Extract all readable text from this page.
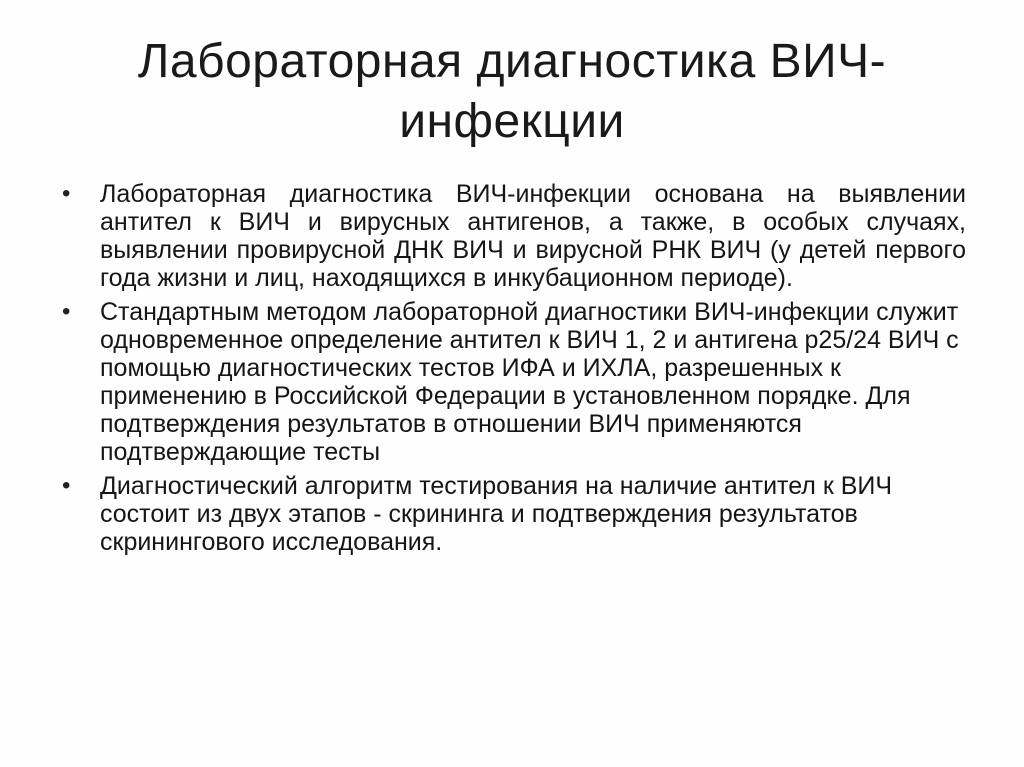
Лабораторная диагностика ВИЧ-инфекции
• Лабораторная диагностика ВИЧ-инфекции основана на выявлении антител к ВИЧ и вирусных антигенов, а также, в особых случаях, выявлении провирусной ДНК ВИЧ и вирусной РНК ВИЧ (у детей первого года жизни и лиц, находящихся в инкубационном периоде).
• Стандартным методом лабораторной диагностики ВИЧ-инфекции служит одновременное определение антител к ВИЧ 1, 2 и антигена р25/24 ВИЧ с помощью диагностических тестов ИФА и ИХЛА, разрешенных к применению в Российской Федерации в установленном порядке. Для подтверждения результатов в отношении ВИЧ применяются подтверждающие тесты
• Диагностический алгоритм тестирования на наличие антител к ВИЧ состоит из двух этапов - скрининга и подтверждения результатов скринингового исследования.
